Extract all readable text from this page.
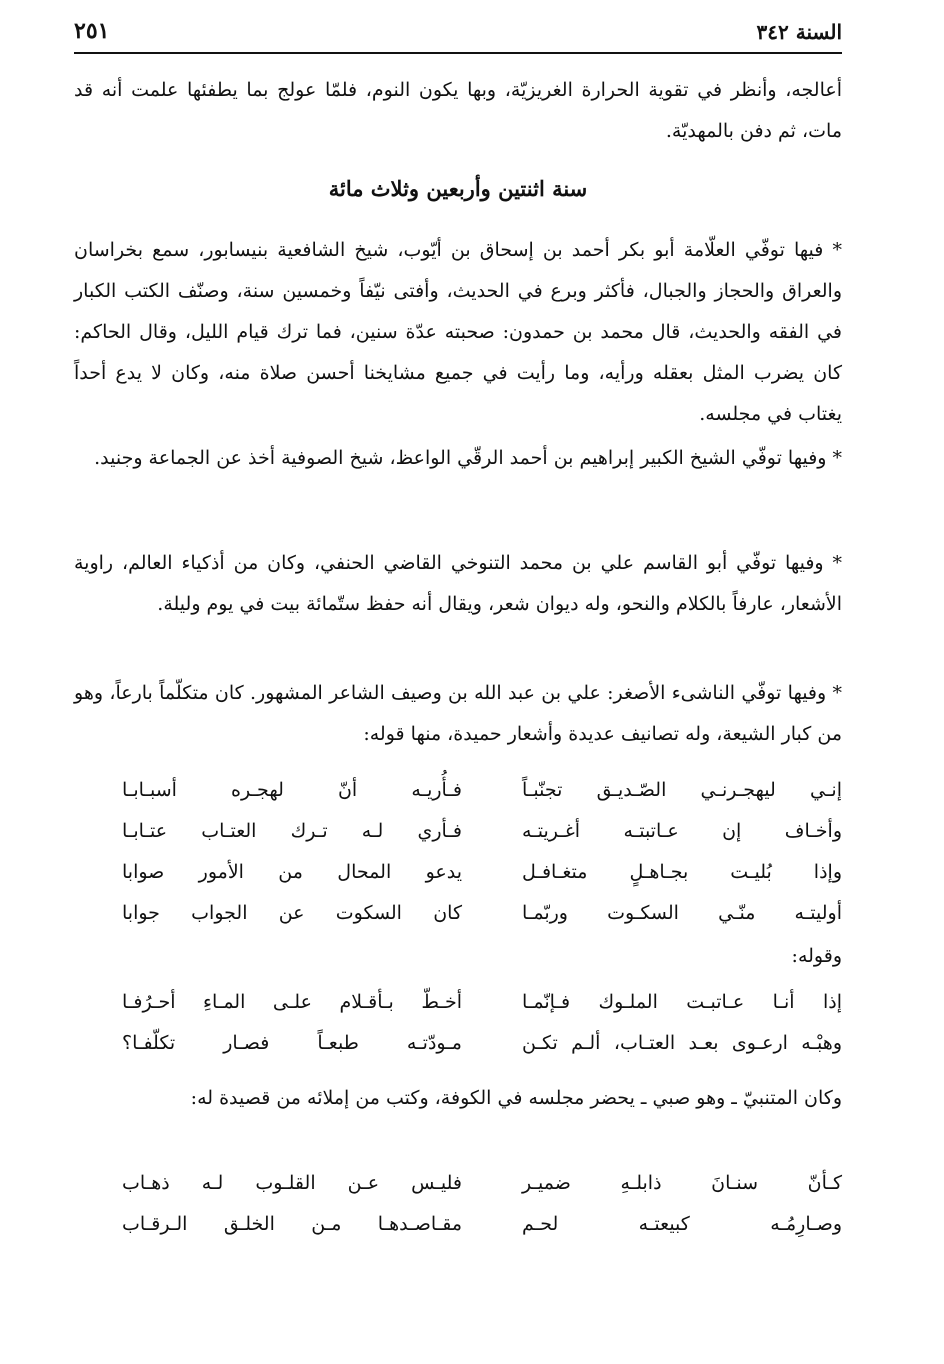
السنة ٣٤٢
٢٥١

أعالجه، وأنظر في تقوية الحرارة الغريزيّة، وبها يكون النوم، فلمّا عولج بما يطفئها علمت أنه قد مات، ثم دفن بالمهديّة.

سنة اثنتين وأربعين وثلاث مائة

* فيها توفّي العلّامة أبو بكر أحمد بن إسحاق بن أيّوب، شيخ الشافعية بنيسابور، سمع بخراسان والعراق والحجاز والجبال، فأكثر وبرع في الحديث، وأفتى نيّفاً وخمسين سنة، وصنّف الكتب الكبار في الفقه والحديث، قال محمد بن حمدون: صحبته عدّة سنين، فما ترك قيام الليل، وقال الحاكم: كان يضرب المثل بعقله ورأيه، وما رأيت في جميع مشايخنا أحسن صلاة منه، وكان لا يدع أحداً يغتاب في مجلسه.

* وفيها توفّي الشيخ الكبير إبراهيم بن أحمد الرقّي الواعظ، شيخ الصوفية أخذ عن الجماعة وجنيد.

* وفيها توفّي أبو القاسم علي بن محمد التنوخي القاضي الحنفي، وكان من أذكياء العالم، راوية الأشعار، عارفاً بالكلام والنحو، وله ديوان شعر، ويقال أنه حفظ ستّمائة بيت في يوم وليلة.

* وفيها توفّي الناشىء الأصغر: علي بن عبد الله بن وصيف الشاعر المشهور. كان متكلّماً بارعاً، وهو من كبار الشيعة، وله تصانيف عديدة وأشعار حميدة، منها قوله:

إنـي ليهجـرنـي الصّـديـق تجنّبـاً
فـأُريـه أنّ لهجـره أسبـابـا
وأخـاف إن عـاتبتـه أغـريتـه
فـأري لـه تـرك العتـاب عتـابـا
وإذا بُليـت بجـاهـلٍ متغـافـل
يدعو المحال من الأمور صوابا
أوليتـه منّـي السكـوت وربّمـا
كان السكوت عن الجواب جوابا
وقوله:
إذا أنـا عـاتبـت الملـوك فـإنّمـا
أخـطّ بـأقـلام علـى المـاءِ أحـرُفـا
وهبْـه ارعـوى بعـد العتـاب، ألـم تكـن
مـودّتـه طبعـاً فصـار تكلّفـا؟

وكان المتنبيّ ـ وهو صبي ـ يحضر مجلسه في الكوفة، وكتب من إملائه من قصيدة له:

كـأنّ سنـانَ ذابلـهِ ضميـر
فليـس عـن القلـوب لـه ذهـاب
وصـارِمُـه كبيعتـه لحـم
مقـاصـدهـا مـن الخلـق الـرقـاب
